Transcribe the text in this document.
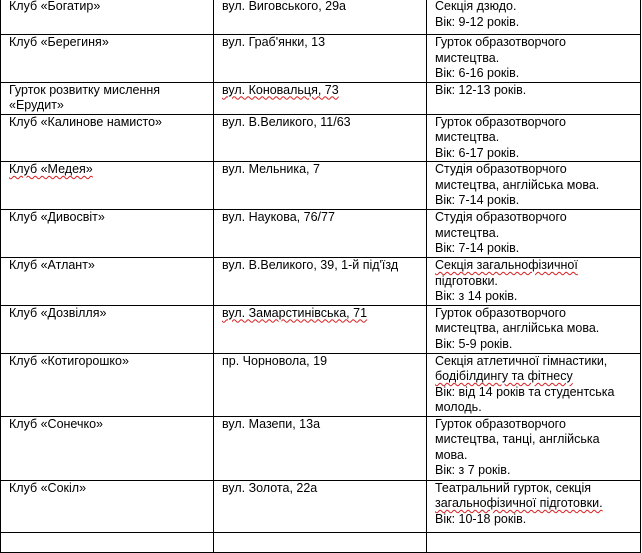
Клуб «Богатир»	вул. Виговського, 29а	Секція дзюдо.
Вік: 9-12 років.

Клуб «Берегиня»	вул. Граб'янки, 13	Гурток образотворчого
мистецтва.
Вік: 6-16 років.

Гурток розвитку мислення
«Ерудит»	вул. Коновальця, 73	Вік: 12-13 років.

Клуб «Калинове намисто»	вул. В.Великого, 11/63	Гурток образотворчого
мистецтва.
Вік: 6-17 років.

Клуб «Медея»	вул. Мельника, 7	Студія образотворчого
мистецтва, англійська мова.
Вік: 7-14 років.

Клуб «Дивосвіт»	вул. Наукова, 76/77	Студія образотворчого
мистецтва.
Вік: 7-14 років.

Клуб «Атлант»	вул. В.Великого, 39, 1-й під'їзд	Секція загальнофізичної
підготовки.
Вік: з 14 років.

Клуб «Дозвілля»	вул. Замарстинівська, 71	Гурток образотворчого
мистецтва, англійська мова.
Вік: 5-9 років.

Клуб «Котигорошко»	пр. Чорновола, 19	Секція атлетичної гімнастики,
бодібілдингу та фітнесу
Вік: від 14 років та студентська
молодь.

Клуб «Сонечко»	вул. Мазепи, 13а	Гурток образотворчого
мистецтва, танці, англійська
мова.
Вік: з 7 років.

Клуб «Сокіл»	вул. Золота, 22а	Театральний гурток, секція
загальнофізичної підготовки.
Вік: 10-18 років.
